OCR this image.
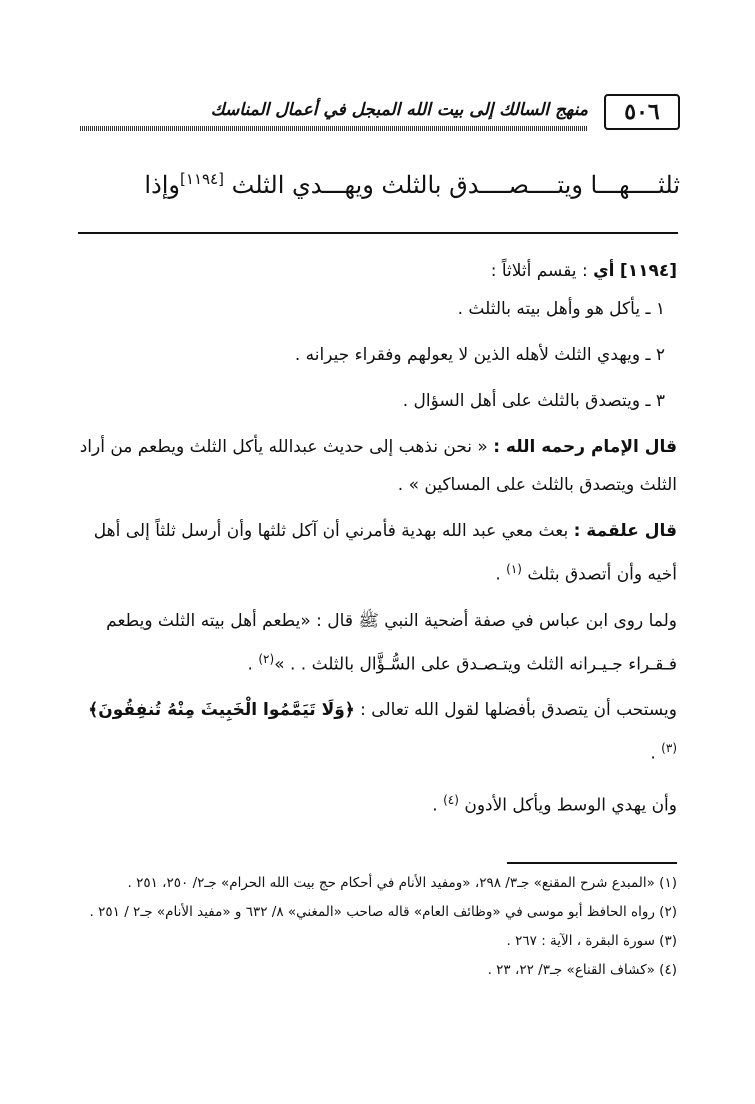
٥٠٦
منهج السالك إلى بيت الله المبجل في أعمال المناسك
ثلثــــهـــا ويتــــصــــدق بالثلث ويهـــدي الثلث [١١٩٤]وإذا

[١١٩٤] أي : يقسم أثلاثاً :

١ ـ يأكل هو وأهل بيته بالثلث .

٢ ـ ويهدي الثلث لأهله الذين لا يعولهم وفقراء جيرانه .

٣ ـ ويتصدق بالثلث على أهل السؤال .

قال الإمام رحمه الله : « نحن نذهب إلى حديث عبدالله يأكل الثلث ويطعم من أراد الثلث ويتصدق بالثلث على المساكين » .

قال علقمة : بعث معي عبد الله بهدية فأمرني أن آكل ثلثها وأن أرسل ثلثاً إلى أهل أخيه وأن أتصدق بثلث $^{(١)}$ .

ولما روى ابن عباس في صفة أضحية النبي ﷺ قال : «يطعم أهل بيته الثلث ويطعم فـقـراء جـيـرانه الثلث ويتـصـدق على السُّـؤَّال بالثلث . . »$^{(٢)}$ .

ويستحب أن يتصدق بأفضلها لقول الله تعالى : ﴿وَلَا تَيَمَّمُوا الْخَبِيثَ مِنْهُ تُنفِقُونَ﴾ $^{(٣)}$ .

وأن يهدي الوسط ويأكل الأدون $^{(٤)}$ .

(١) «المبدع شرح المقنع» جـ٣/ ٢٩٨، «ومفيد الأنام في أحكام حج بيت الله الحرام» جـ٢/ ٢٥٠، ٢٥١ .

(٢) رواه الحافظ أبو موسى في «وظائف العام» قاله صاحب «المغني» ٨/ ٦٣٢ و «مفيد الأنام» جـ٢ / ٢٥١ .

(٣) سورة البقرة ، الآية : ٢٦٧ .

(٤) «كشاف القناع» جـ٣/ ٢٢، ٢٣ .
